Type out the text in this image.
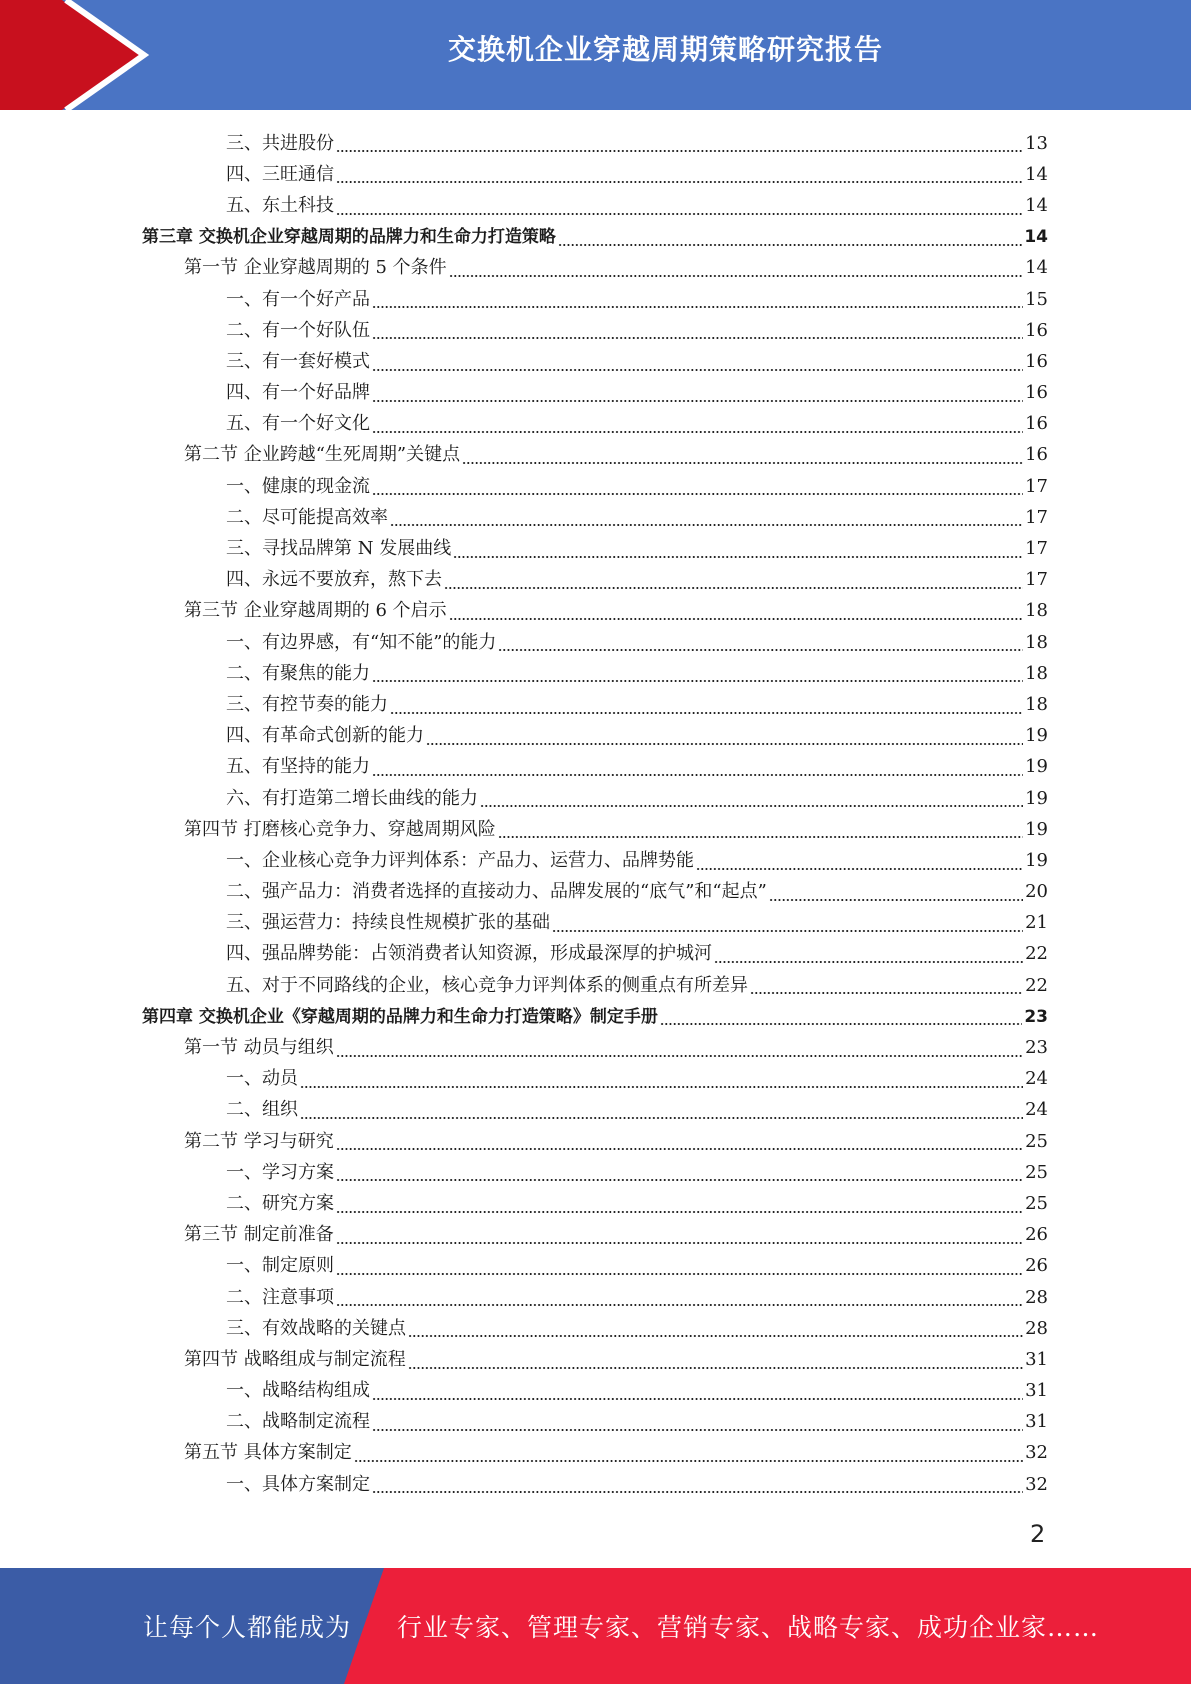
交换机企业穿越周期策略研究报告
三、共进股份	13
四、三旺通信	14
五、东土科技	14
第三章 交换机企业穿越周期的品牌力和生命力打造策略	14
第一节 企业穿越周期的 5 个条件	14
一、有一个好产品	15
二、有一个好队伍	16
三、有一套好模式	16
四、有一个好品牌	16
五、有一个好文化	16
第二节 企业跨越“生死周期”关键点	16
一、健康的现金流	17
二、尽可能提高效率	17
三、寻找品牌第 N 发展曲线	17
四、永远不要放弃，熬下去	17
第三节 企业穿越周期的 6 个启示	18
一、有边界感，有“知不能”的能力	18
二、有聚焦的能力	18
三、有控节奏的能力	18
四、有革命式创新的能力	19
五、有坚持的能力	19
六、有打造第二增长曲线的能力	19
第四节 打磨核心竞争力、穿越周期风险	19
一、企业核心竞争力评判体系：产品力、运营力、品牌势能	19
二、强产品力：消费者选择的直接动力、品牌发展的“底气”和“起点”	20
三、强运营力：持续良性规模扩张的基础	21
四、强品牌势能：占领消费者认知资源，形成最深厚的护城河	22
五、对于不同路线的企业，核心竞争力评判体系的侧重点有所差异	22
第四章 交换机企业《穿越周期的品牌力和生命力打造策略》制定手册	23
第一节 动员与组织	23
一、动员	24
二、组织	24
第二节 学习与研究	25
一、学习方案	25
二、研究方案	25
第三节 制定前准备	26
一、制定原则	26
二、注意事项	28
三、有效战略的关键点	28
第四节 战略组成与制定流程	31
一、战略结构组成	31
二、战略制定流程	31
第五节 具体方案制定	32
一、具体方案制定	32
2
让每个人都能成为 行业专家、管理专家、营销专家、战略专家、成功企业家……
